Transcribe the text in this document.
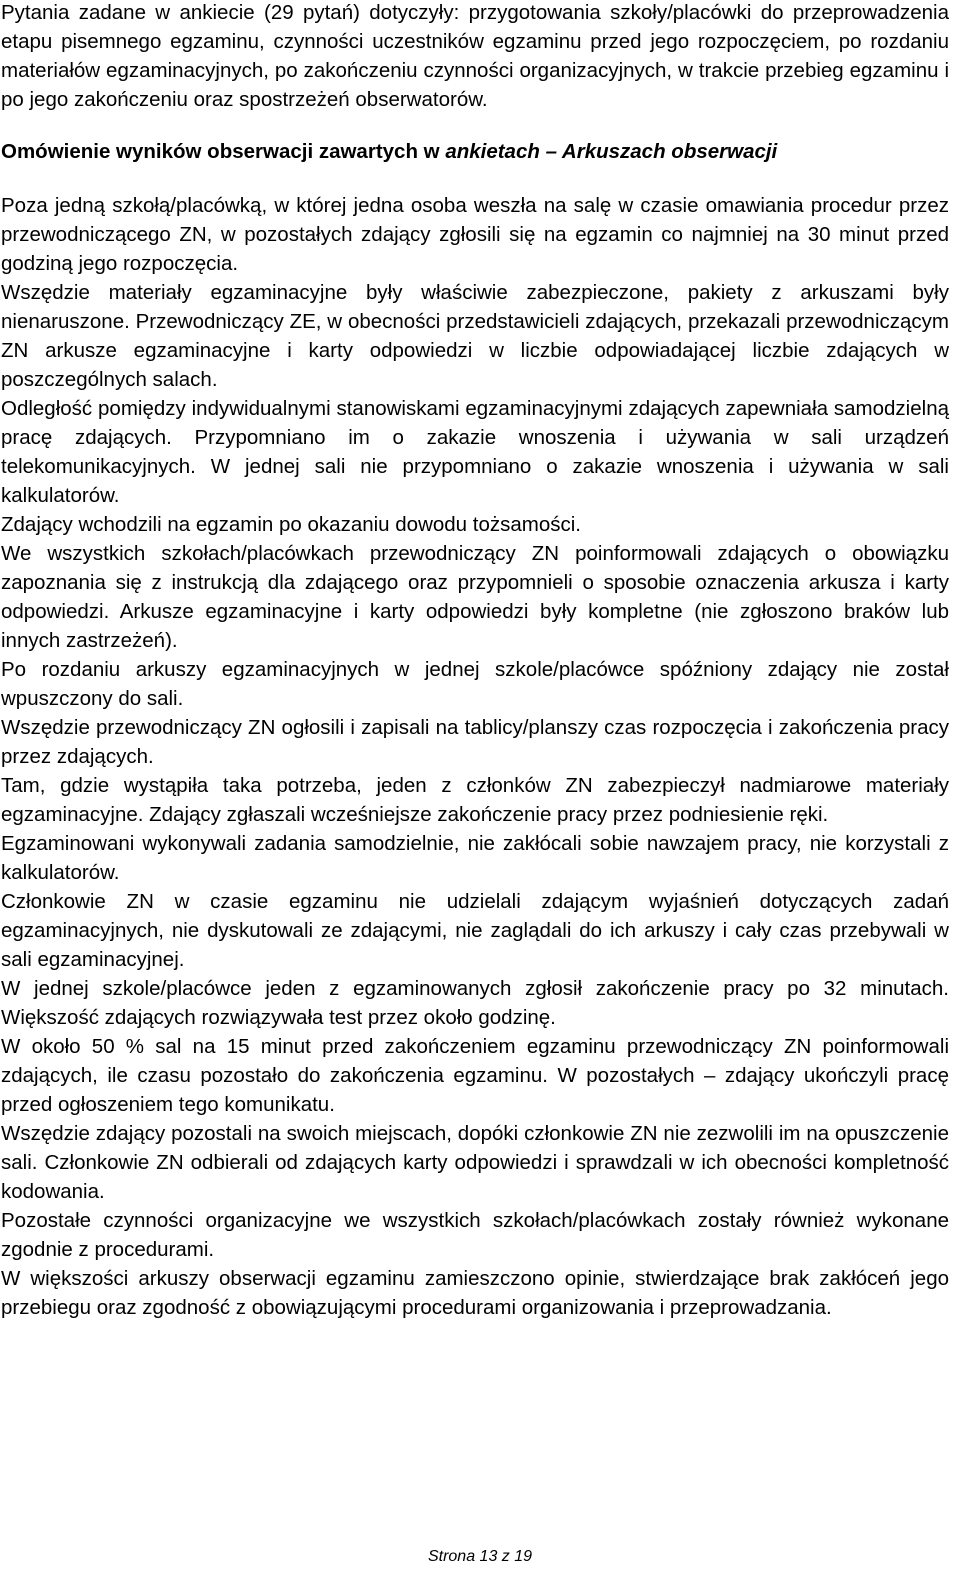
Pytania zadane w ankiecie (29 pytań) dotyczyły: przygotowania szkoły/placówki do przeprowadzenia etapu pisemnego egzaminu, czynności uczestników egzaminu przed jego rozpoczęciem, po rozdaniu materiałów egzaminacyjnych, po zakończeniu czynności organizacyjnych, w trakcie przebieg egzaminu i po jego zakończeniu oraz spostrzeżeń obserwatorów.

Omówienie wyników obserwacji zawartych w ankietach – Arkuszach obserwacji

Poza jedną szkołą/placówką, w której jedna osoba weszła na salę w czasie omawiania procedur przez przewodniczącego ZN, w pozostałych zdający zgłosili się na egzamin co najmniej na 30 minut przed godziną jego rozpoczęcia.

Wszędzie materiały egzaminacyjne były właściwie zabezpieczone, pakiety z arkuszami były nienaruszone. Przewodniczący ZE, w obecności przedstawicieli zdających, przekazali przewodniczącym ZN arkusze egzaminacyjne i karty odpowiedzi w liczbie odpowiadającej liczbie zdających w poszczególnych salach.

Odległość pomiędzy indywidualnymi stanowiskami egzaminacyjnymi zdających zapewniała samodzielną pracę zdających. Przypomniano im o zakazie wnoszenia i używania w sali urządzeń telekomunikacyjnych. W jednej sali nie przypomniano o zakazie wnoszenia i używania w sali kalkulatorów.

Zdający wchodzili na egzamin po okazaniu dowodu tożsamości.

We wszystkich szkołach/placówkach przewodniczący ZN poinformowali zdających o obowiązku zapoznania się z instrukcją dla zdającego oraz przypomnieli o sposobie oznaczenia arkusza i karty odpowiedzi. Arkusze egzaminacyjne i karty odpowiedzi były kompletne (nie zgłoszono braków lub innych zastrzeżeń).

Po rozdaniu arkuszy egzaminacyjnych w jednej szkole/placówce spóźniony zdający nie został wpuszczony do sali.

Wszędzie przewodniczący ZN ogłosili i zapisali na tablicy/planszy czas rozpoczęcia i zakończenia pracy przez zdających.

Tam, gdzie wystąpiła taka potrzeba, jeden z członków ZN zabezpieczył nadmiarowe materiały egzaminacyjne. Zdający zgłaszali wcześniejsze zakończenie pracy przez podniesienie ręki.

Egzaminowani wykonywali zadania samodzielnie, nie zakłócali sobie nawzajem pracy, nie korzystali z kalkulatorów.

Członkowie ZN w czasie egzaminu nie udzielali zdającym wyjaśnień dotyczących zadań egzaminacyjnych, nie dyskutowali ze zdającymi, nie zaglądali do ich arkuszy i cały czas przebywali w sali egzaminacyjnej.

W jednej szkole/placówce jeden z egzaminowanych zgłosił zakończenie pracy po 32 minutach. Większość zdających rozwiązywała test przez około godzinę.

W około 50 % sal na 15 minut przed zakończeniem egzaminu przewodniczący ZN poinformowali zdających, ile czasu pozostało do zakończenia egzaminu. W pozostałych – zdający ukończyli pracę przed ogłoszeniem tego komunikatu.

Wszędzie zdający pozostali na swoich miejscach, dopóki członkowie ZN nie zezwolili im na opuszczenie sali. Członkowie ZN odbierali od zdających karty odpowiedzi i sprawdzali w ich obecności kompletność kodowania.

Pozostałe czynności organizacyjne we wszystkich szkołach/placówkach zostały również wykonane zgodnie z procedurami.

W większości arkuszy obserwacji egzaminu zamieszczono opinie, stwierdzające brak zakłóceń jego przebiegu oraz zgodność z obowiązującymi procedurami organizowania i przeprowadzania.

Strona 13 z 19
